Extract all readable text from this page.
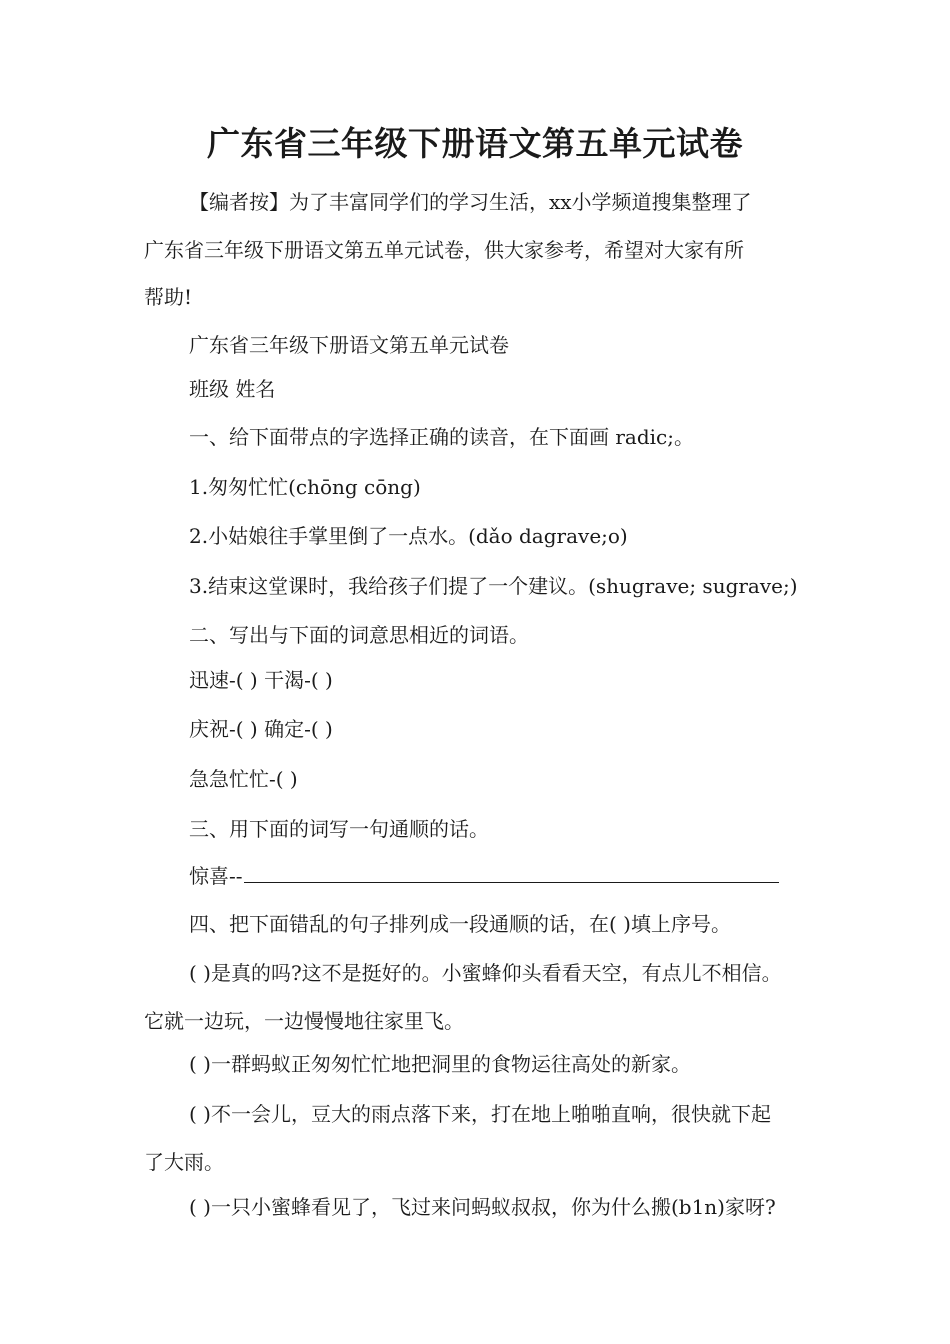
广东省三年级下册语文第五单元试卷
【编者按】为了丰富同学们的学习生活，xx小学频道搜集整理了
广东省三年级下册语文第五单元试卷，供大家参考，希望对大家有所
帮助!
广东省三年级下册语文第五单元试卷
班级 姓名
一、给下面带点的字选择正确的读音，在下面画 radic;。
1.匆匆忙忙(chōng cōng)
2.小姑娘往手掌里倒了一点水。(dǎo dagrave;o)
3.结束这堂课时，我给孩子们提了一个建议。(shugrave; sugrave;)
二、写出与下面的词意思相近的词语。
迅速-( ) 干渴-( )
庆祝-( ) 确定-( )
急急忙忙-( )
三、用下面的词写一句通顺的话。
惊喜--
四、把下面错乱的句子排列成一段通顺的话，在( )填上序号。
( )是真的吗?这不是挺好的。小蜜蜂仰头看看天空，有点儿不相信。
它就一边玩，一边慢慢地往家里飞。
( )一群蚂蚁正匆匆忙忙地把洞里的食物运往高处的新家。
( )不一会儿，豆大的雨点落下来，打在地上啪啪直响，很快就下起
了大雨。
( )一只小蜜蜂看见了，飞过来问蚂蚁叔叔，你为什么搬(b1n)家呀?
